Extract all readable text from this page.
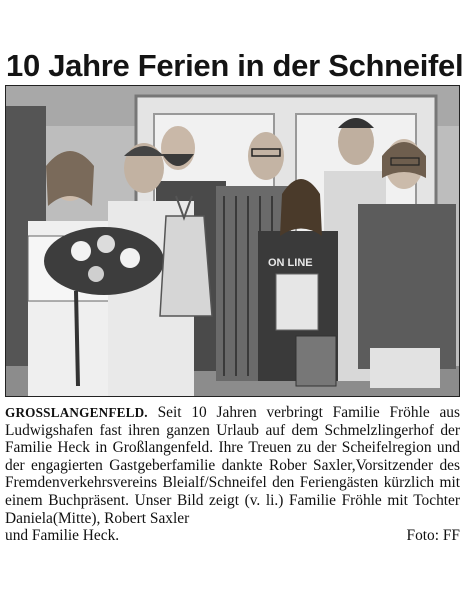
10 Jahre Ferien in der Schneifel
ON LINE

GROSSLANGENFELD. Seit 10 Jahren verbringt Familie Fröhle aus Ludwigshafen fast ihren ganzen Urlaub auf dem Schmelzlingerhof der Familie Heck in Großlangenfeld. Ihre Treuen zu der Scheifelregion und der engagierten Gastgeberfamilie dankte Rober Saxler,Vorsitzender des Fremdenverkehrsvereins Bleialf/Schneifel den Feriengästen kürzlich mit einem Buchpräsent. Unser Bild zeigt (v. li.) Familie Fröhle mit Tochter Daniela(Mitte), Robert Saxler

und Familie Heck.	Foto: FF
